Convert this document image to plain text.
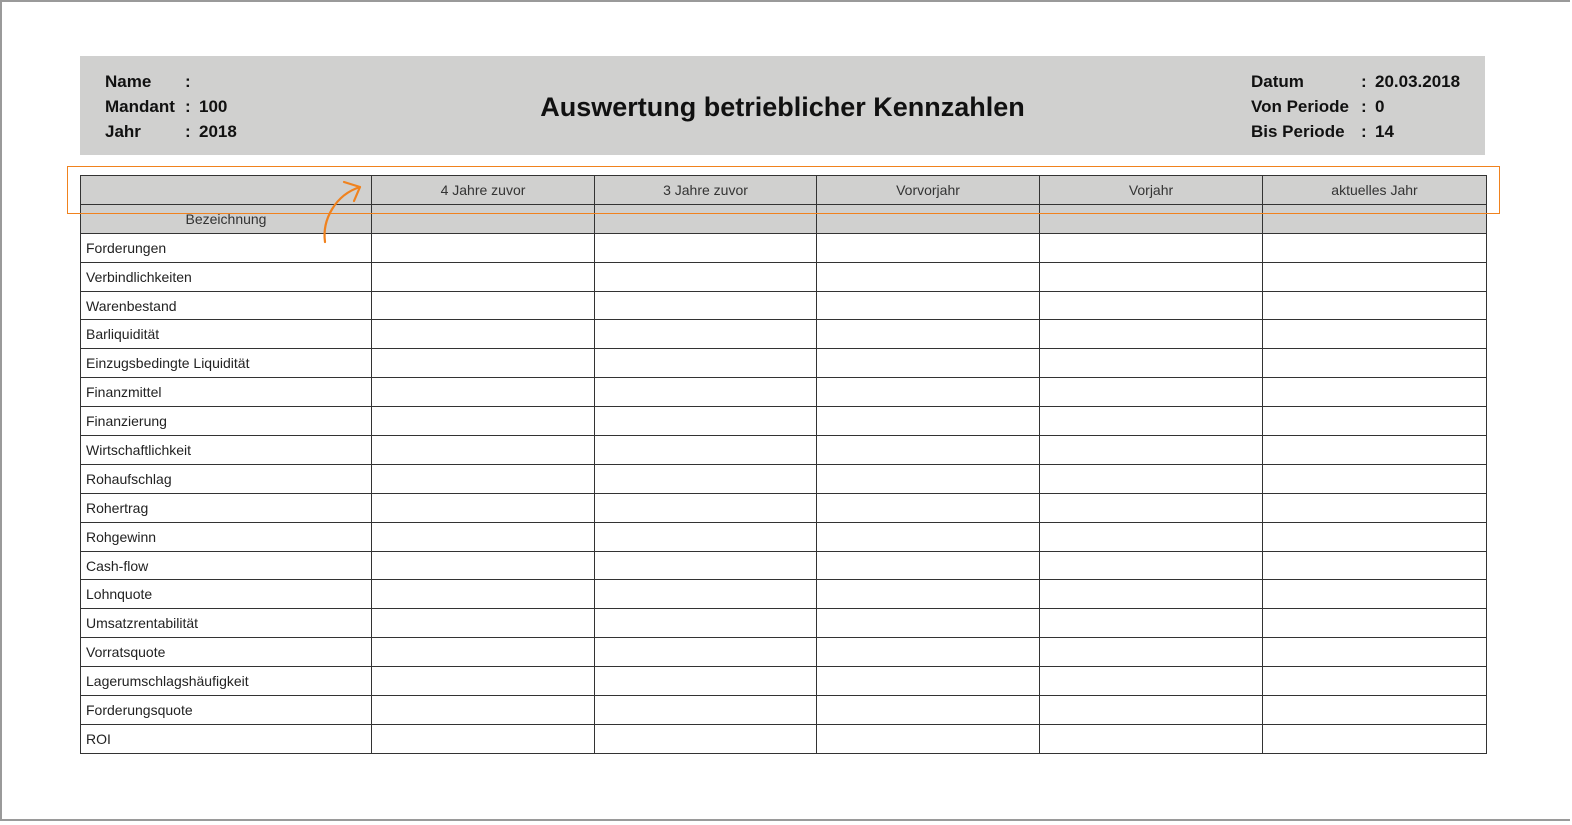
Name	:
Mandant : 100
Jahr	: 2018
Auswertung betrieblicher Kennzahlen
Datum	: 20.03.2018
Von Periode : 0
Bis Periode : 14
	4 Jahre zuvor	3 Jahre zuvor	Vorvorjahr	Vorjahr	aktuelles Jahr
Bezeichnung					
Forderungen					
Verbindlichkeiten					
Warenbestand					
Barliquidität					
Einzugsbedingte Liquidität					
Finanzmittel					
Finanzierung					
Wirtschaftlichkeit					
Rohaufschlag					
Rohertrag					
Rohgewinn					
Cash-flow					
Lohnquote					
Umsatzrentabilität					
Vorratsquote					
Lagerumschlagshäufigkeit					
Forderungsquote					
ROI					
